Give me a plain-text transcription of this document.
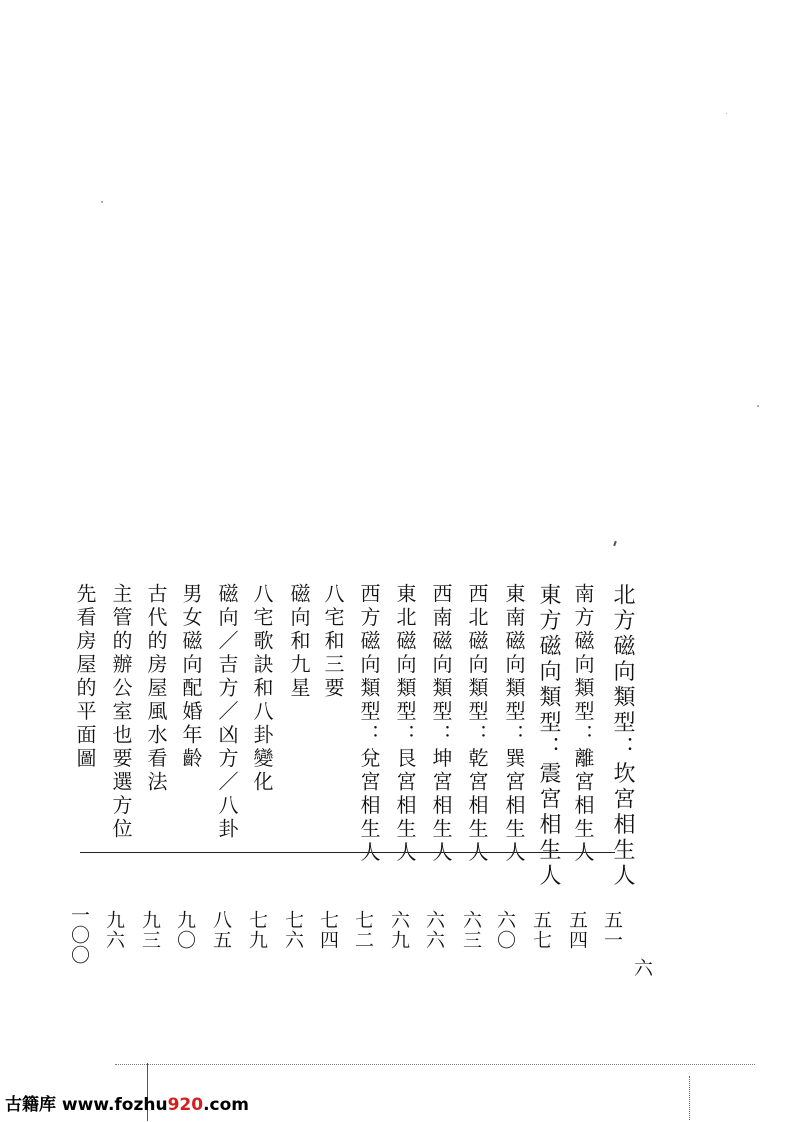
北方磁向類型：坎宮相生人
南方磁向類型：離宮相生人
東方磁向類型：震宮相生人
東南磁向類型：巽宮相生人
西北磁向類型：乾宮相生人
西南磁向類型：坤宮相生人
東北磁向類型：艮宮相生人
西方磁向類型：兌宮相生人
八宅和三要
磁向和九星
八宅歌訣和八卦變化
磁向／吉方／凶方／八卦
男女磁向配婚年齡
古代的房屋風水看法
主管的辦公室也要選方位
先看房屋的平面圖
五一
五四
五七
六〇
六三
六六
六九
七二
七四
七六
七九
八五
九〇
九三
九六
一〇〇
六
古籍库 www.fozhu920.com
